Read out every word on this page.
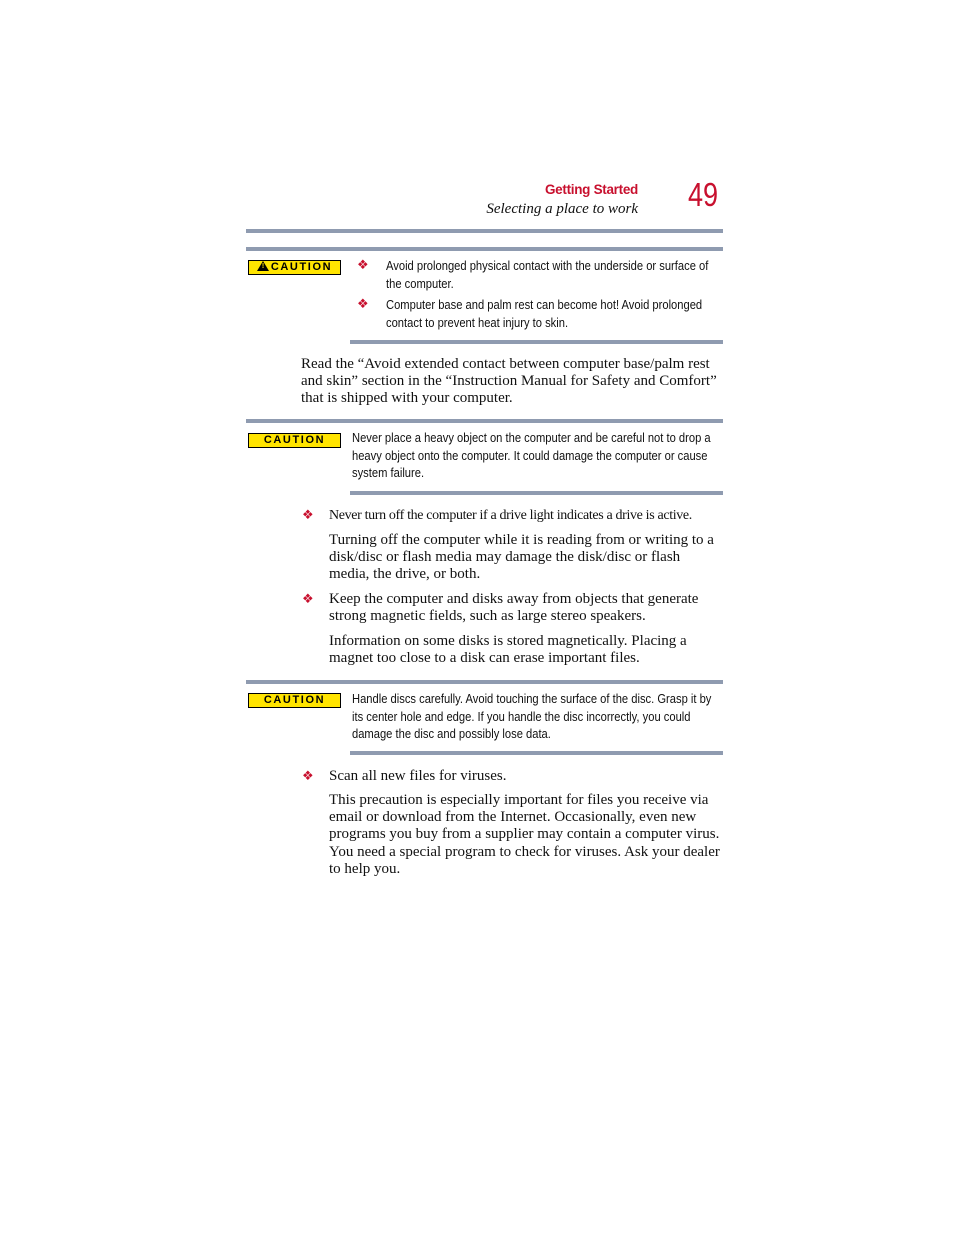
Getting Started
Selecting a place to work 49
! CAUTION	❖ Avoid prolonged physical contact with the underside or surface of the computer.
❖ Computer base and palm rest can become hot! Avoid prolonged contact to prevent heat injury to skin.
Read the “Avoid extended contact between computer base/palm rest and skin” section in the “Instruction Manual for Safety and Comfort” that is shipped with your computer.
CAUTION	Never place a heavy object on the computer and be careful not to drop a heavy object onto the computer. It could damage the computer or cause system failure.
❖ Never turn off the computer if a drive light indicates a drive is active.
Turning off the computer while it is reading from or writing to a disk/disc or flash media may damage the disk/disc or flash media, the drive, or both.
❖ Keep the computer and disks away from objects that generate strong magnetic fields, such as large stereo speakers.
Information on some disks is stored magnetically. Placing a magnet too close to a disk can erase important files.
CAUTION	Handle discs carefully. Avoid touching the surface of the disc. Grasp it by its center hole and edge. If you handle the disc incorrectly, you could damage the disc and possibly lose data.
❖ Scan all new files for viruses.
This precaution is especially important for files you receive via email or download from the Internet. Occasionally, even new programs you buy from a supplier may contain a computer virus. You need a special program to check for viruses. Ask your dealer to help you.
